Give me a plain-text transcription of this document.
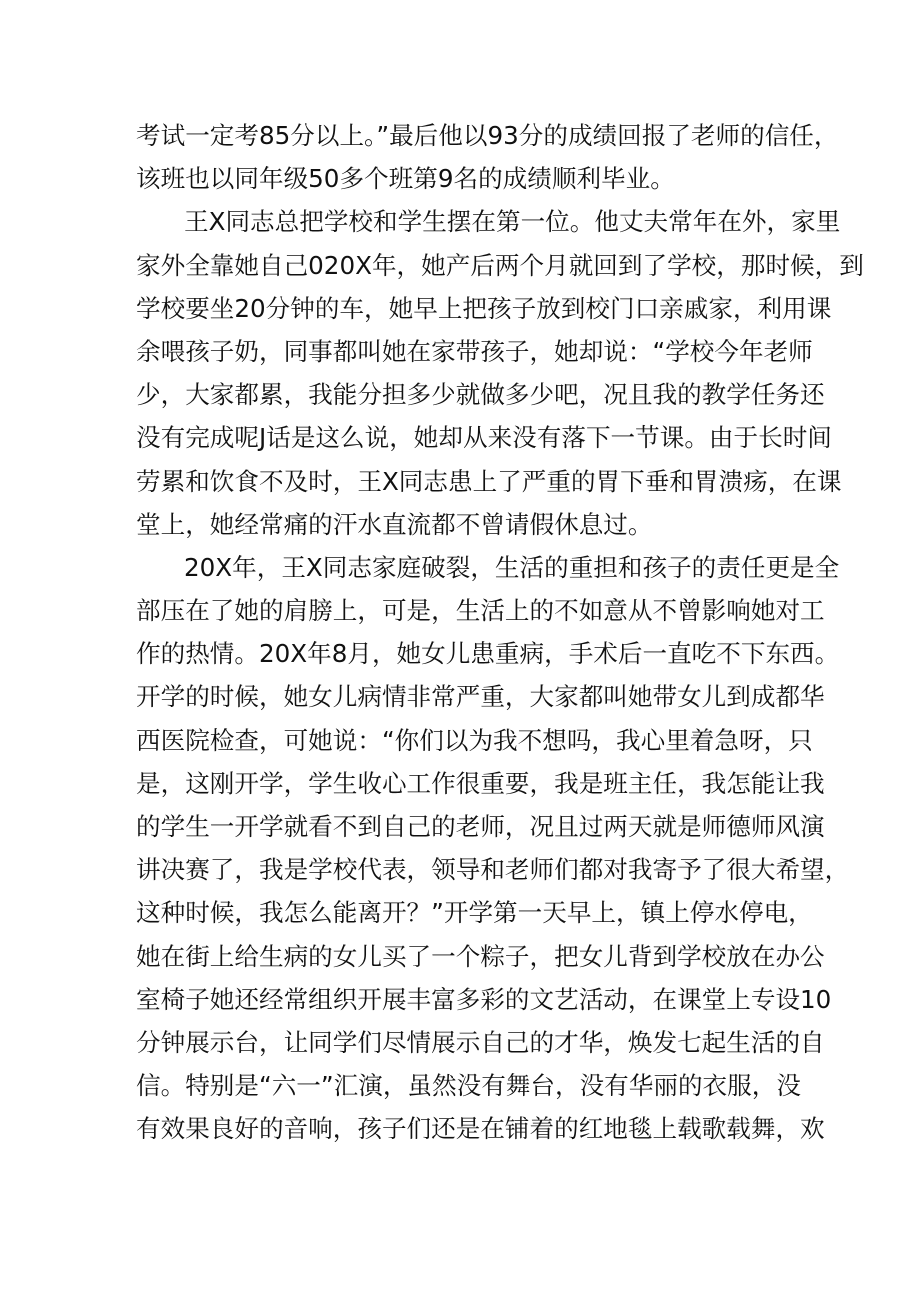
考试一定考85分以上。”最后他以93分的成绩回报了老师的信任，
该班也以同年级50多个班第9名的成绩顺利毕业。
王X同志总把学校和学生摆在第一位。他丈夫常年在外，家里
家外全靠她自己020X年，她产后两个月就回到了学校，那时候，到
学校要坐20分钟的车，她早上把孩子放到校门口亲戚家，利用课
余喂孩子奶，同事都叫她在家带孩子，她却说：“学校今年老师
少，大家都累，我能分担多少就做多少吧，况且我的教学任务还
没有完成呢J话是这么说，她却从来没有落下一节课。由于长时间
劳累和饮食不及时，王X同志患上了严重的胃下垂和胃溃疡，在课
堂上，她经常痛的汗水直流都不曾请假休息过。
20X年，王X同志家庭破裂，生活的重担和孩子的责任更是全
部压在了她的肩膀上，可是，生活上的不如意从不曾影响她对工
作的热情。20X年8月，她女儿患重病，手术后一直吃不下东西。
开学的时候，她女儿病情非常严重，大家都叫她带女儿到成都华
西医院检查，可她说：“你们以为我不想吗，我心里着急呀，只
是，这刚开学，学生收心工作很重要，我是班主任，我怎能让我
的学生一开学就看不到自己的老师，况且过两天就是师德师风演
讲决赛了，我是学校代表，领导和老师们都对我寄予了很大希望，
这种时候，我怎么能离开？”开学第一天早上，镇上停水停电，
她在街上给生病的女儿买了一个粽子，把女儿背到学校放在办公
室椅子她还经常组织开展丰富多彩的文艺活动，在课堂上专设10
分钟展示台，让同学们尽情展示自己的才华，焕发七起生活的自
信。特别是“六一”汇演，虽然没有舞台，没有华丽的衣服，没
有效果良好的音响，孩子们还是在铺着的红地毯上载歌载舞，欢
